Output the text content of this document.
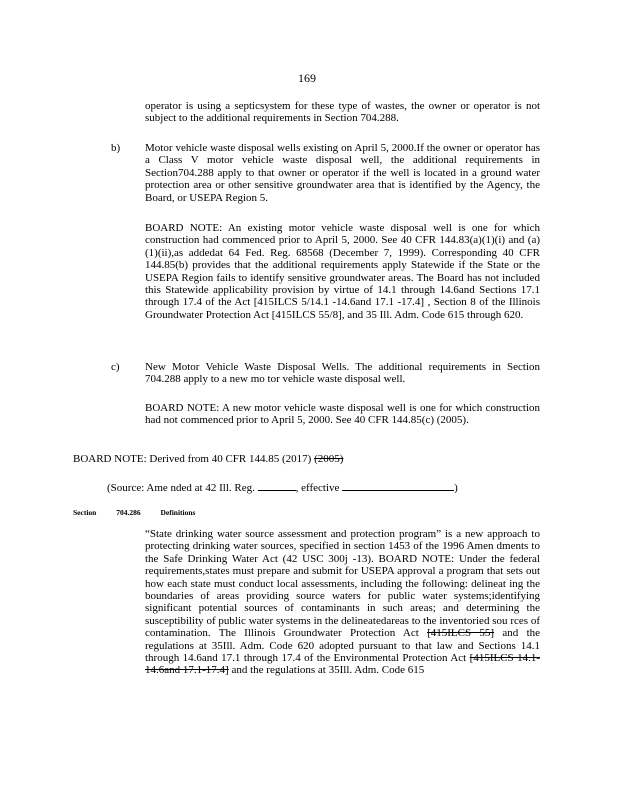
169
operator is using a septicsystem for these type of wastes, the owner or operator is not subject to the additional requirements in Section 704.288.
b) Motor vehicle waste disposal wells existing on April 5, 2000.If the owner or operator has a Class V motor vehicle waste disposal well, the additional requirements in Section704.288 apply to that owner or operator if the well is located in a ground water protection area or other sensitive groundwater area that is identified by the Agency, the Board, or USEPA Region 5.
BOARD NOTE: An existing motor vehicle waste disposal well is one for which construction had commenced prior to April 5, 2000. See 40 CFR 144.83(a)(1)(i) and (a)(1)(ii),as addedat 64 Fed. Reg. 68568 (December 7, 1999). Corresponding 40 CFR 144.85(b) provides that the additional requirements apply Statewide if the State or the USEPA Region fails to identify sensitive groundwater areas. The Board has not included this Statewide applicability provision by virtue of 14.1 through 14.6and Sections 17.1 through 17.4 of the Act [415ILCS 5/14.1 -14.6and 17.1 -17.4] , Section 8 of the Illinois Groundwater Protection Act [415ILCS 55/8], and 35 Ill. Adm. Code 615 through 620.
c) New Motor Vehicle Waste Disposal Wells. The additional requirements in Section 704.288 apply to a new mo tor vehicle waste disposal well.
BOARD NOTE: A new motor vehicle waste disposal well is one for which construction had not commenced prior to April 5, 2000. See 40 CFR 144.85(c) (2005).
BOARD NOTE: Derived from 40 CFR 144.85 (2017) (2005)
(Source: Ame nded at 42 Ill. Reg.	, effective	)
Section	704.286	Definitions
“State drinking water source assessment and protection program” is a new approach to protecting drinking water sources, specified in section 1453 of the 1996 Amen dments to the Safe Drinking Water Act (42 USC 300j -13). BOARD NOTE: Under the federal requirements,states must prepare and submit for USEPA approval a program that sets out how each state must conduct local assessments, including the following: delineat ing the boundaries of areas providing source waters for public water systems;identifying significant potential sources of contaminants in such areas; and determining the susceptibility of public water systems in the delineatedareas to the inventoried sou rces of contamination. The Illinois Groundwater Protection Act [415ILCS 55] and the regulations at 35Ill. Adm. Code 620 adopted pursuant to that law and Sections 14.1 through 14.6and 17.1 through 17.4 of the Environmental Protection Act [415ILCS 14.1-14.6and 17.1-17.4] and the regulations at 35Ill. Adm. Code 615
